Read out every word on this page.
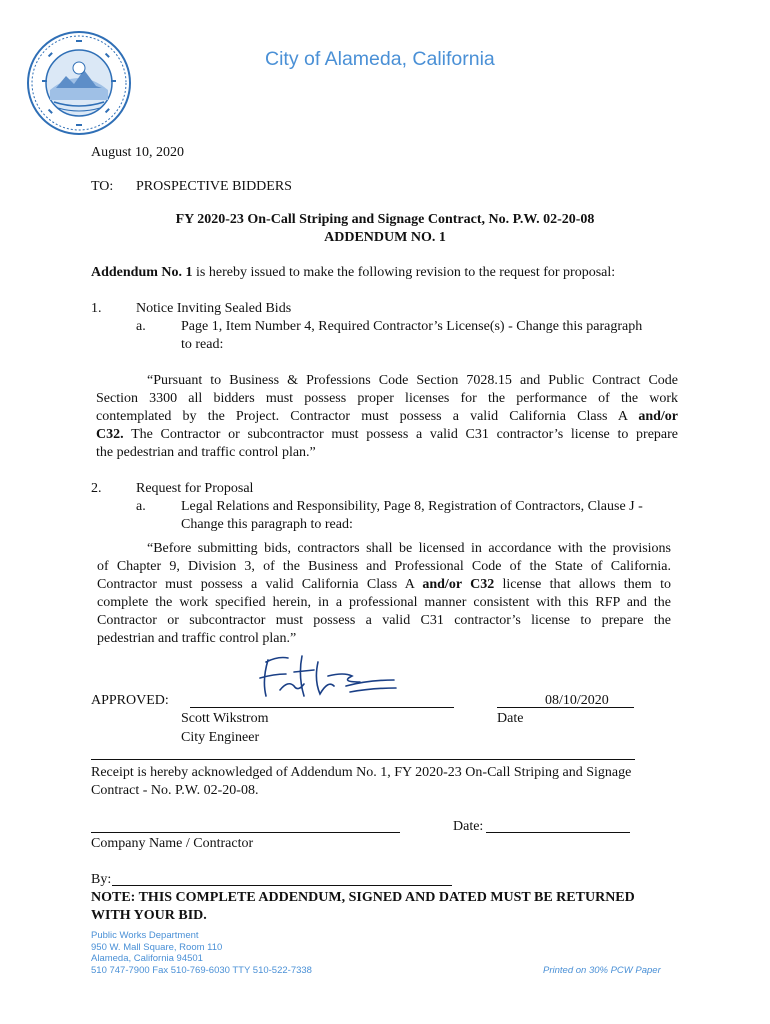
City of Alameda, California
August 10, 2020
TO: PROSPECTIVE BIDDERS
FY 2020-23 On-Call Striping and Signage Contract, No. P.W. 02-20-08
ADDENDUM NO. 1
Addendum No. 1 is hereby issued to make the following revision to the request for proposal:
1. Notice Inviting Sealed Bids
a.	Page 1, Item Number 4, Required Contractor’s License(s) - Change this paragraph
to read:
“Pursuant to Business & Professions Code Section 7028.15 and Public Contract Code
Section 3300 all bidders must possess proper licenses for the performance of the work
contemplated by the Project. Contractor must possess a valid California Class A and/or
C32. The Contractor or subcontractor must possess a valid C31 contractor’s license to prepare
the pedestrian and traffic control plan.”
2. Request for Proposal
a.	Legal Relations and Responsibility, Page 8, Registration of Contractors, Clause J -
Change this paragraph to read:
“Before submitting bids, contractors shall be licensed in accordance with the provisions
of Chapter 9, Division 3, of the Business and Professional Code of the State of California.
Contractor must possess a valid California Class A and/or C32 license that allows them to
complete the work specified herein, in a professional manner consistent with this RFP and the
Contractor or subcontractor must possess a valid C31 contractor’s license to prepare the
pedestrian and traffic control plan.”
APPROVED:	08/10/2020
Scott Wikstrom	Date
City Engineer
Receipt is hereby acknowledged of Addendum No. 1, FY 2020-23 On-Call Striping and Signage
Contract - No. P.W. 02-20-08.
Date:
Company Name / Contractor
By:
NOTE: THIS COMPLETE ADDENDUM, SIGNED AND DATED MUST BE RETURNED
WITH YOUR BID.
Public Works Department
950 W. Mall Square, Room 110
Alameda, California 94501
510 747-7900 Fax 510-769-6030 TTY 510-522-7338	Printed on 30% PCW Paper
